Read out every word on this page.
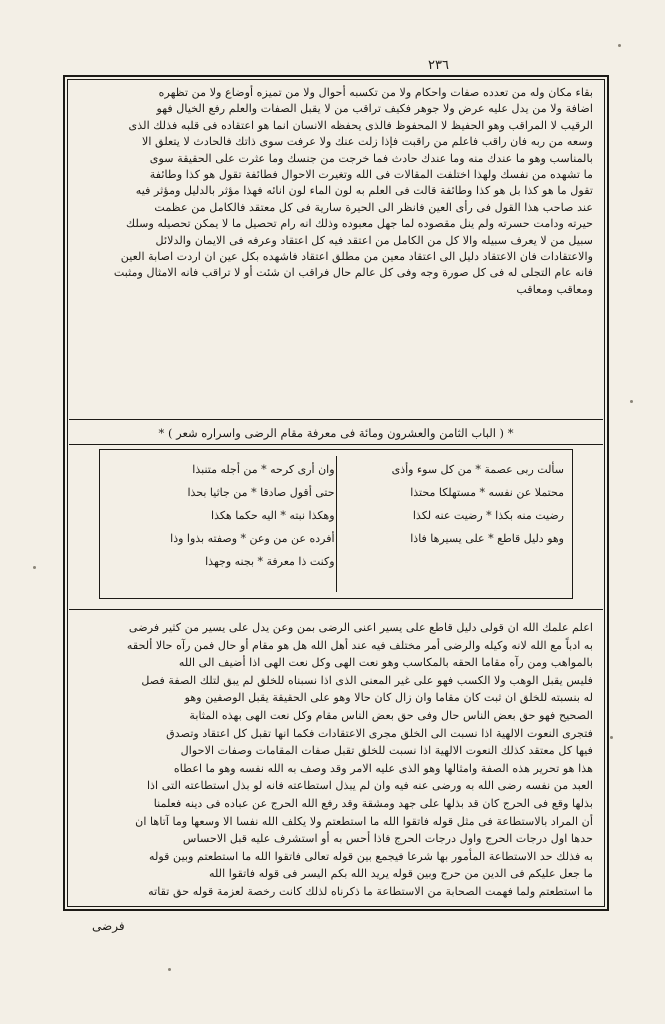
٢٣٦
بقاء مكان وله من تعدده صفات واحكام ولا من تكسبه أحوال ولا من تميزه أوضاع ولا من تظهره
اضافة ولا من يدل عليه عرض ولا جوهر فكيف تراقب من لا يقبل الصفات والعلم رفع الخيال فهو
الرقيب لا المراقب وهو الحفيظ لا المحفوظ فالذى يحفظه الانسان انما هو اعتقاده فى قلبه فذلك الذى
وسعه من ربه فان راقب فاعلم من راقبت فإذا زلت عنك ولا عرفت سوى ذاتك فالحادث لا يتعلق الا
بالمناسب وهو ما عندك منه وما عندك حادث فما خرجت من جنسك وما عثرت على الحقيقة سوى
ما تشهده من نفسك ولهذا اختلفت المقالات فى الله وتغيرت الاحوال فطائفة تقول هو كذا وطائفة
تقول ما هو كذا بل هو كذا وطائفة قالت فى العلم به لون الماء لون انائه فهذا مؤثر بالدليل ومؤثر فيه
عند صاحب هذا القول فى رأى العين فانظر الى الحيرة سارية فى كل معتقد فالكامل من عظمت
حيرته ودامت حسرته ولم ينل مقصوده لما جهل معبوده وذلك انه رام تحصيل ما لا يمكن تحصيله وسلك
سبيل من لا يعرف سبيله والا كل من الكامل من اعتقد فيه كل اعتقاد وعرفه فى الايمان والدلائل
والاعتقادات فان الاعتقاد دليل الى اعتقاد معين من مطلق اعتقاد فاشهده بكل عين ان اردت اصابة العين
فانه عام التجلى له فى كل صورة وجه وفى كل عالم حال فراقب ان شئت أو لا تراقب فانه الامثال ومثبت
ومعاقب ومعاقب
* ( الباب الثامن والعشرون ومائة فى معرفة مقام الرضى واسراره شعر ) *
سألت ربى عصمة * من كل سوء وأذى
محتملا عن نفسه * مستهلكا محتذا
رضيت منه بكذا * رضيت عنه لكذا
وهو دليل قاطع * على يسيرها فاذا
وان أرى كرحه * من أجله متنبذا
حتى أقول صادقا * من جاثيا بحذا
وهكذا نبته * اليه حكما هكذا
أفرده عن من وعن * وصفته بذوا وذا
وكنت ذا معرفة * بجنه وجهذا
اعلم علمك الله ان قولى دليل قاطع على يسير اعنى الرضى بمن وعن يدل على يسير من كثير فرضى
به ادباً مع الله لانه وكيله والرضى أمر مختلف فيه عند أهل الله هل هو مقام أو حال فمن رآه حالا ألحقه
بالمواهب ومن رآه مقاما الحقه بالمكاسب وهو نعت الهى وكل نعت الهى اذا أضيف الى الله
فليس يقبل الوهب ولا الكسب فهو على غير المعنى الذى اذا نسبناه للخلق لم يبق لتلك الصفة فصل
له بنسبته للخلق ان ثبت كان مقاما وان زال كان حالا وهو على الحقيقة يقبل الوصفين وهو
الصحيح فهو حق بعض الناس حال وفى حق بعض الناس مقام وكل نعت الهى بهذه المثابة
فتجرى النعوت الالهية اذا نسبت الى الخلق مجرى الاعتقادات فكما انها تقبل كل اعتقاد وتصدق
فيها كل معتقد كذلك النعوت الالهية اذا نسبت للخلق تقبل صفات المقامات وصفات الاحوال
هذا هو تحرير هذه الصفة وامثالها وهو الذى عليه الامر وقد وصف به الله نفسه وهو ما اعطاه
العبد من نفسه رضى الله به ورضى عنه فيه وان لم يبذل استطاعته فانه لو بذل استطاعته التى اذا
بذلها وقع فى الحرج كان قد بذلها على جهد ومشقة وقد رفع الله الحرج عن عباده فى دينه فعلمنا
أن المراد بالاستطاعة فى مثل قوله فاتقوا الله ما استطعتم ولا يكلف الله نفسا الا وسعها وما آتاها ان
حدها اول درجات الحرج واول درجات الحرج فاذا أحس به أو استشرف عليه قبل الاحساس
به فذلك حد الاستطاعة المأمور بها شرعا فيجمع بين قوله تعالى فاتقوا الله ما استطعتم وبين قوله
ما جعل عليكم فى الدين من حرج وبين قوله يريد الله بكم اليسر فى قوله فاتقوا الله
ما استطعتم ولما فهمت الصحابة من الاستطاعة ما ذكرناه لذلك كانت رخصة لعزمة قوله حق تقاته
فرضى
